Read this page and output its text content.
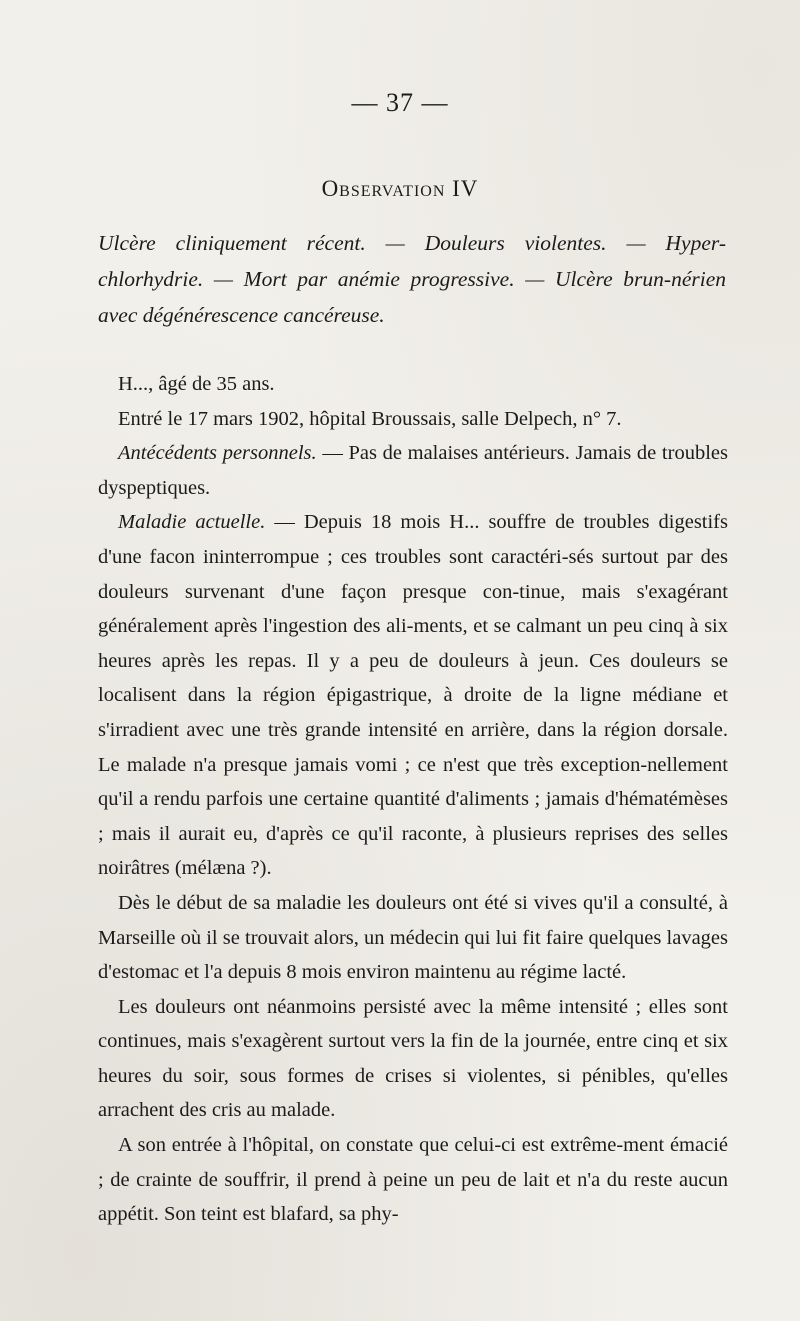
— 37 —
Observation IV
Ulcère cliniquement récent. — Douleurs violentes. — Hyper-chlorhydrie. — Mort par anémie progressive. — Ulcère brun-nérien avec dégénérescence cancéreuse.

H..., âgé de 35 ans.

Entré le 17 mars 1902, hôpital Broussais, salle Delpech, n° 7.

Antécédents personnels. — Pas de malaises antérieurs. Jamais de troubles dyspeptiques.

Maladie actuelle. — Depuis 18 mois H... souffre de troubles digestifs d'une facon ininterrompue ; ces troubles sont caractéri-sés surtout par des douleurs survenant d'une façon presque con-tinue, mais s'exagérant généralement après l'ingestion des ali-ments, et se calmant un peu cinq à six heures après les repas. Il y a peu de douleurs à jeun. Ces douleurs se localisent dans la région épigastrique, à droite de la ligne médiane et s'irradient avec une très grande intensité en arrière, dans la région dorsale. Le malade n'a presque jamais vomi ; ce n'est que très exception-nellement qu'il a rendu parfois une certaine quantité d'aliments ; jamais d'hématémèses ; mais il aurait eu, d'après ce qu'il raconte, à plusieurs reprises des selles noirâtres (mélæna ?).

Dès le début de sa maladie les douleurs ont été si vives qu'il a consulté, à Marseille où il se trouvait alors, un médecin qui lui fit faire quelques lavages d'estomac et l'a depuis 8 mois environ maintenu au régime lacté.

Les douleurs ont néanmoins persisté avec la même intensité ; elles sont continues, mais s'exagèrent surtout vers la fin de la journée, entre cinq et six heures du soir, sous formes de crises si violentes, si pénibles, qu'elles arrachent des cris au malade.

A son entrée à l'hôpital, on constate que celui-ci est extrême-ment émacié ; de crainte de souffrir, il prend à peine un peu de lait et n'a du reste aucun appétit. Son teint est blafard, sa phy-
